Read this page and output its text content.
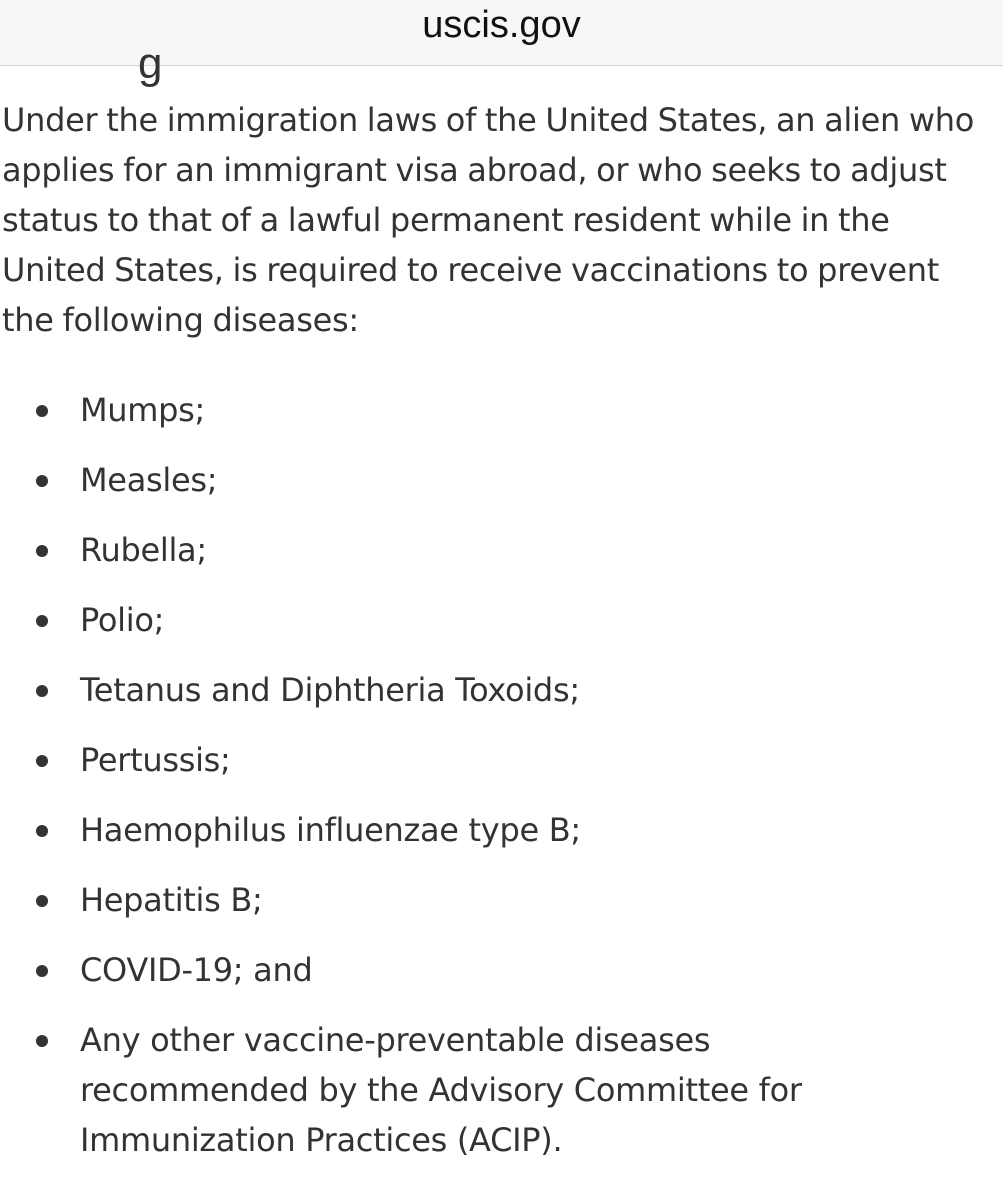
uscis.gov
g

Under the immigration laws of the United States, an alien who applies for an immigrant visa abroad, or who seeks to adjust status to that of a lawful permanent resident while in the United States, is required to receive vaccinations to prevent the following diseases:

Mumps;
Measles;
Rubella;
Polio;
Tetanus and Diphtheria Toxoids;
Pertussis;
Haemophilus influenzae type B;
Hepatitis B;
COVID-19; and
Any other vaccine-preventable diseases recommended by the Advisory Committee for Immunization Practices (ACIP).
